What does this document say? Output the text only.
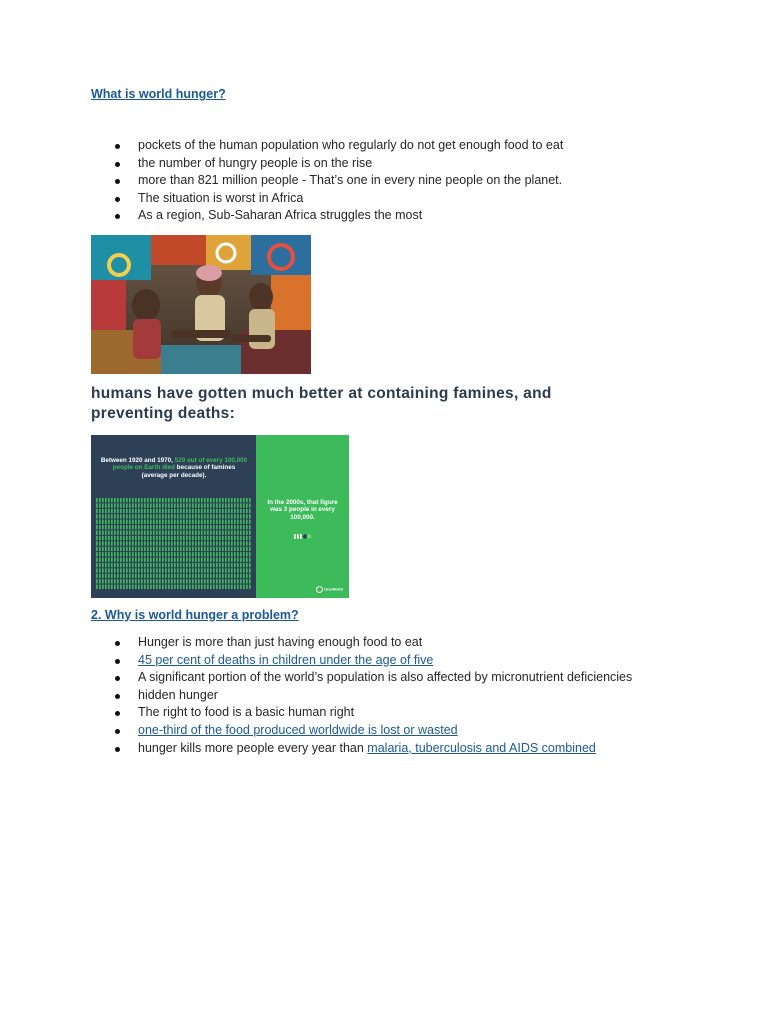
What is world hunger?
pockets of the human population who regularly do not get enough food to eat
the number of hungry people is on the rise
more than 821 million people - That’s one in every nine people on the planet.
The situation is worst in Africa
As a region, Sub-Saharan Africa struggles the most
humans have gotten much better at containing famines, and preventing deaths:
Between 1920 and 1970, 529 out of every 100,000 people on Earth died because of famines (average per decade).
In the 2000s, that figure was 3 people in every 100,000.
OneWorld
2. Why is world hunger a problem?
Hunger is more than just having enough food to eat
45 per cent of deaths in children under the age of five
A significant portion of the world’s population is also affected by micronutrient deficiencies
hidden hunger
The right to food is a basic human right
one-third of the food produced worldwide is lost or wasted
hunger kills more people every year than malaria, tuberculosis and AIDS combined
